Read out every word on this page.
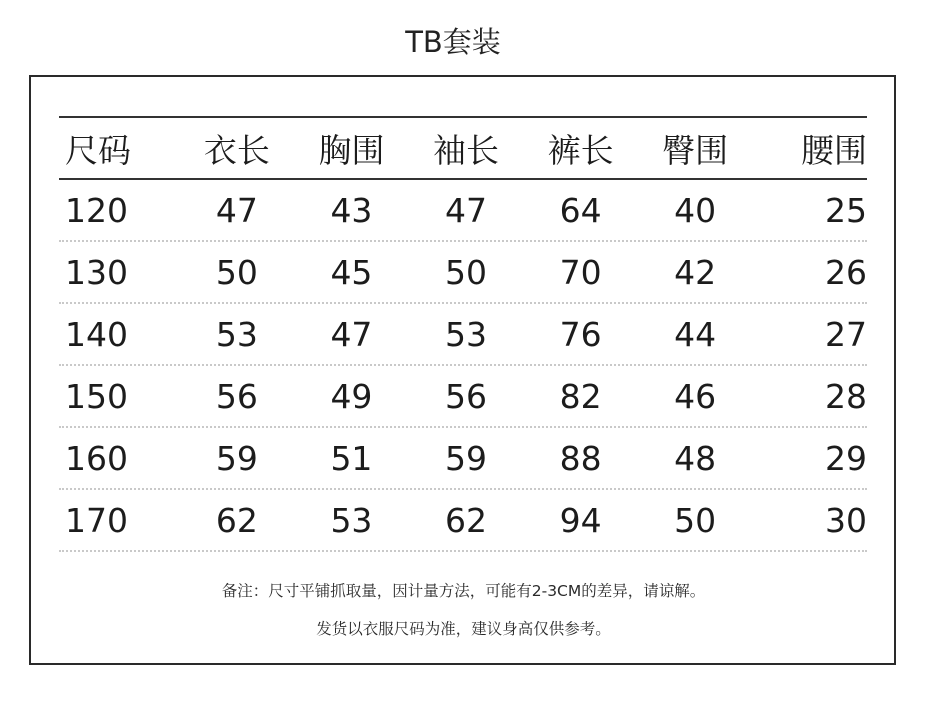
TB套装
尺码	衣长	胸围	袖长	裤长	臀围	腰围
120	47	43	47	64	40	25
130	50	45	50	70	42	26
140	53	47	53	76	44	27
150	56	49	56	82	46	28
160	59	51	59	88	48	29
170	62	53	62	94	50	30
备注：尺寸平铺抓取量，因计量方法，可能有2-3CM的差异，请谅解。
发货以衣服尺码为准，建议身高仅供参考。
